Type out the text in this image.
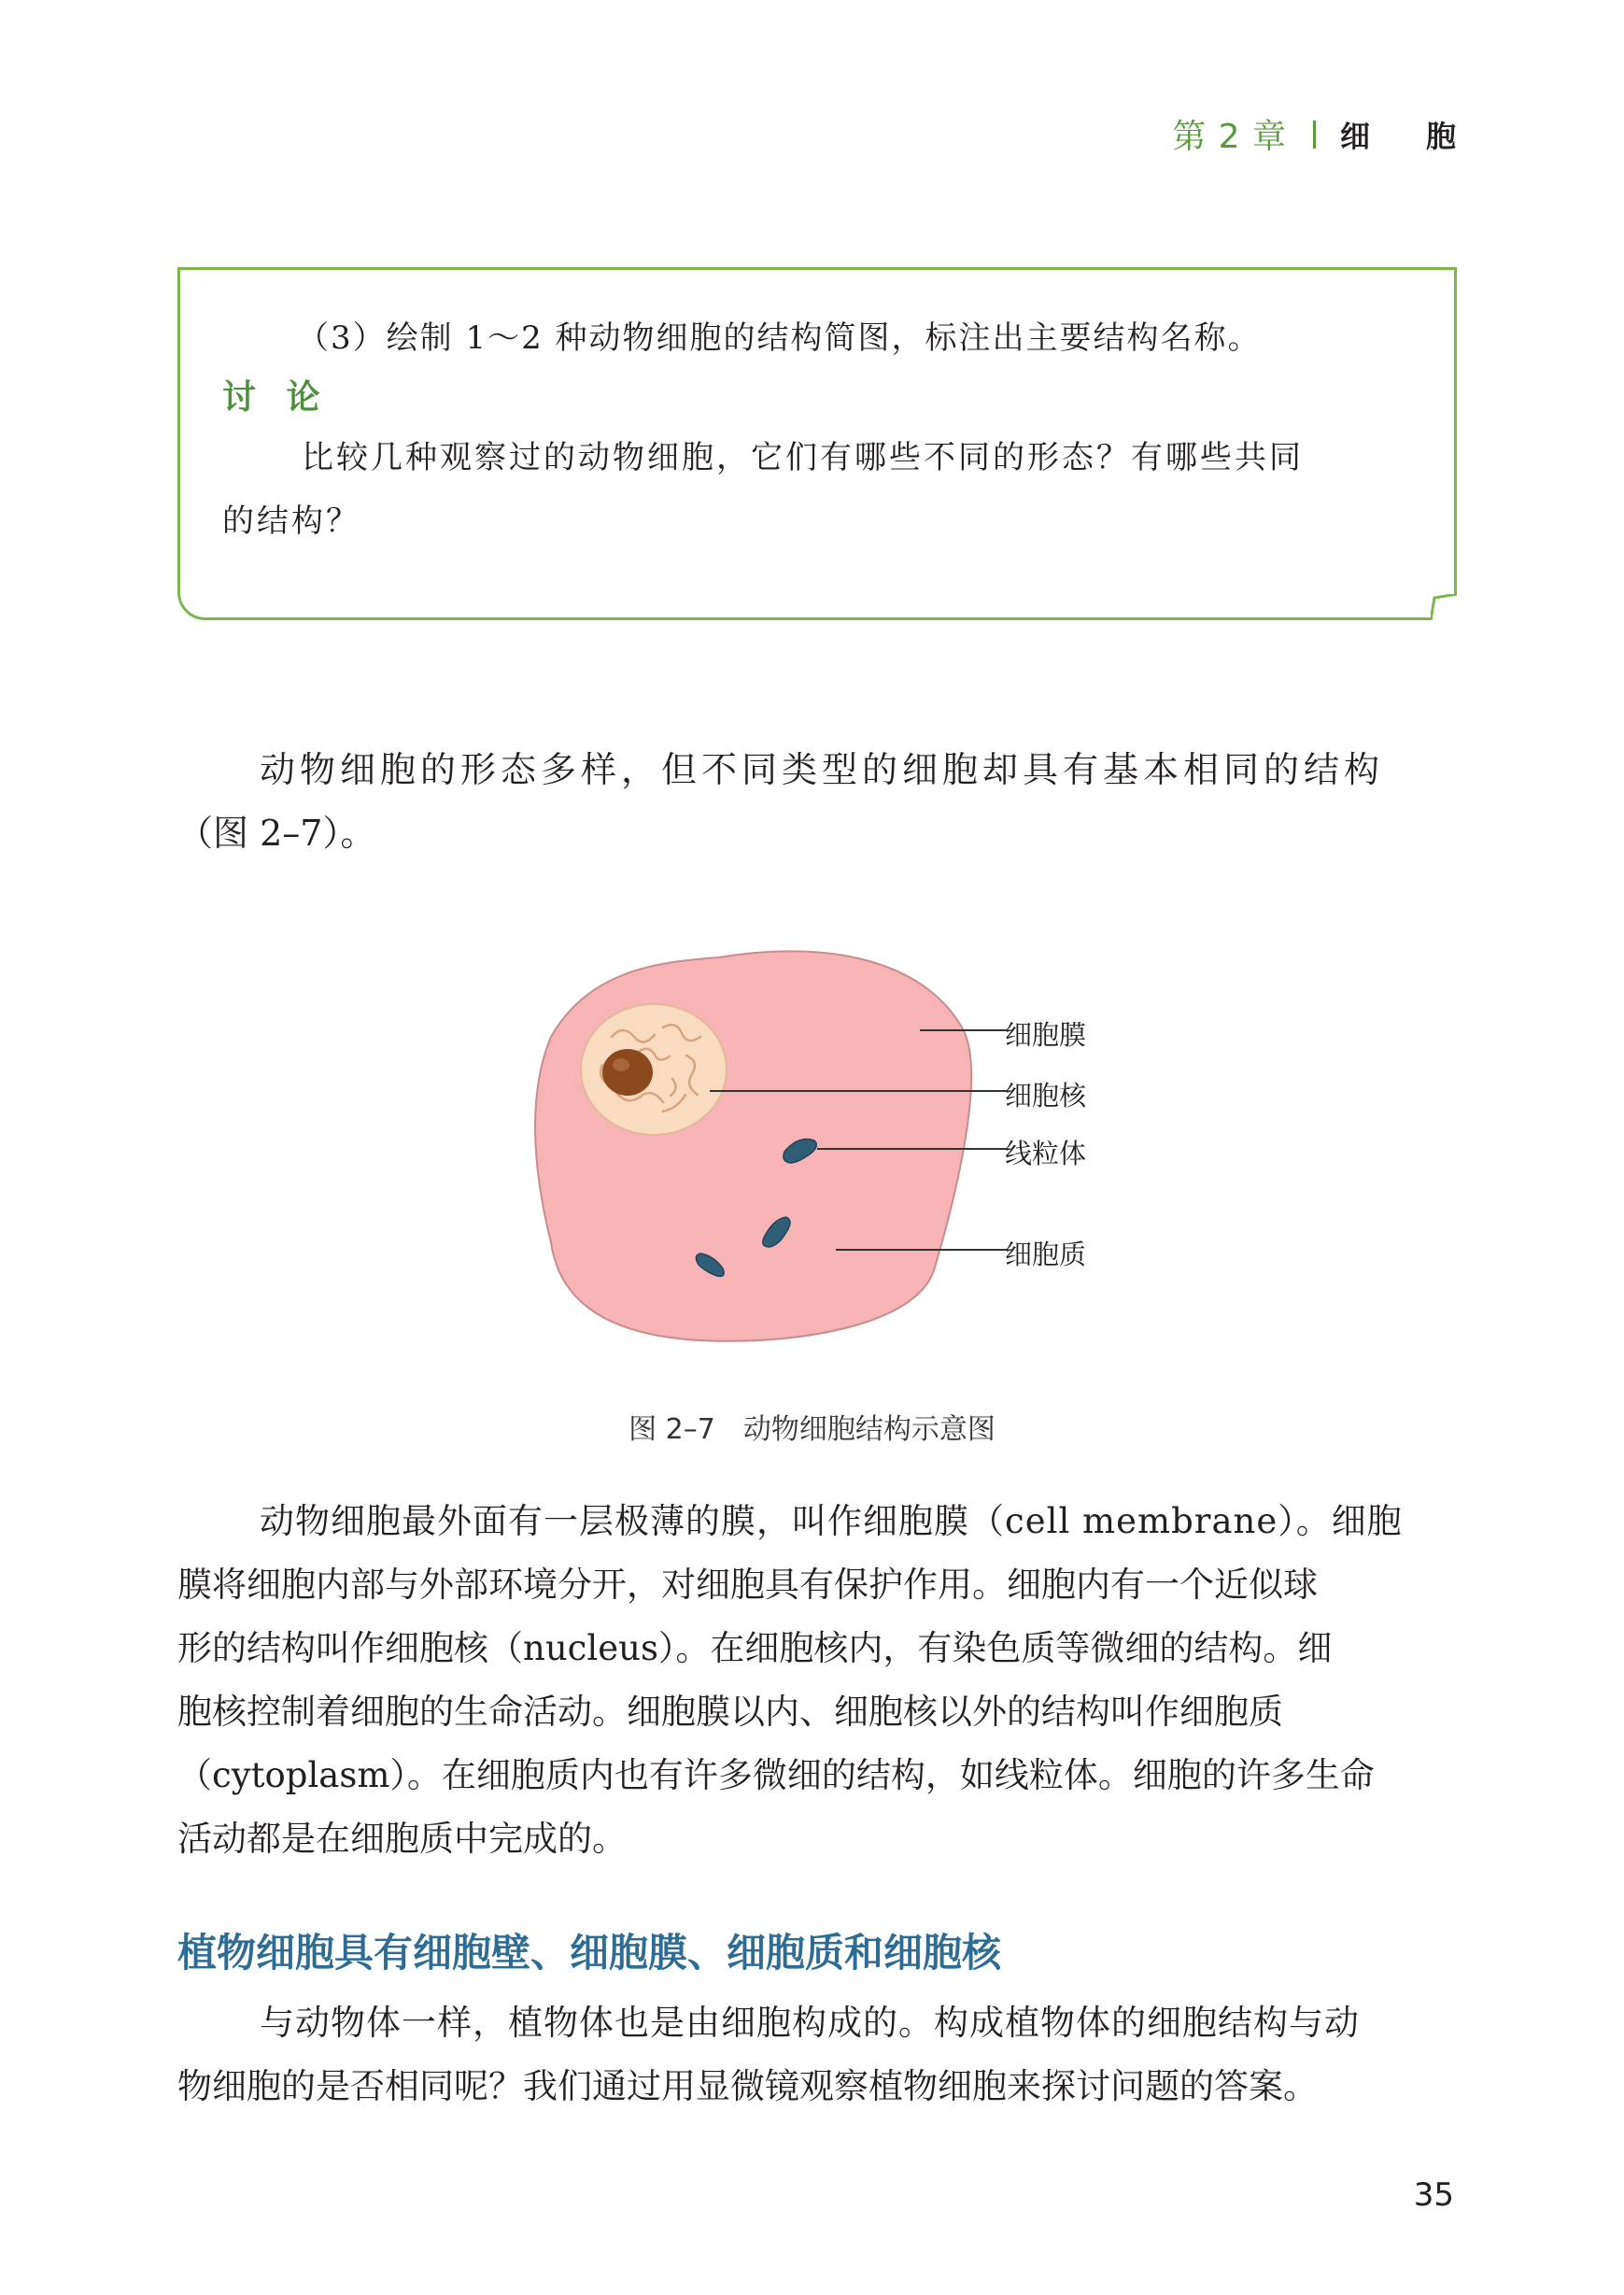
第 2 章 细胞
（3）绘制 1～2 种动物细胞的结构简图，标注出主要结构名称。
讨 论
比较几种观察过的动物细胞，它们有哪些不同的形态？有哪些共同
的结构？
动物细胞的形态多样，但不同类型的细胞却具有基本相同的结构
（图 2–7）。
细胞膜
细胞核
线粒体
细胞质
图 2–7　动物细胞结构示意图
动物细胞最外面有一层极薄的膜，叫作细胞膜（cell membrane）。细胞
膜将细胞内部与外部环境分开，对细胞具有保护作用。细胞内有一个近似球
形的结构叫作细胞核（nucleus）。在细胞核内，有染色质等微细的结构。细
胞核控制着细胞的生命活动。细胞膜以内、细胞核以外的结构叫作细胞质
（cytoplasm）。在细胞质内也有许多微细的结构，如线粒体。细胞的许多生命
活动都是在细胞质中完成的。
植物细胞具有细胞壁、细胞膜、细胞质和细胞核
与动物体一样，植物体也是由细胞构成的。构成植物体的细胞结构与动
物细胞的是否相同呢？我们通过用显微镜观察植物细胞来探讨问题的答案。
35
